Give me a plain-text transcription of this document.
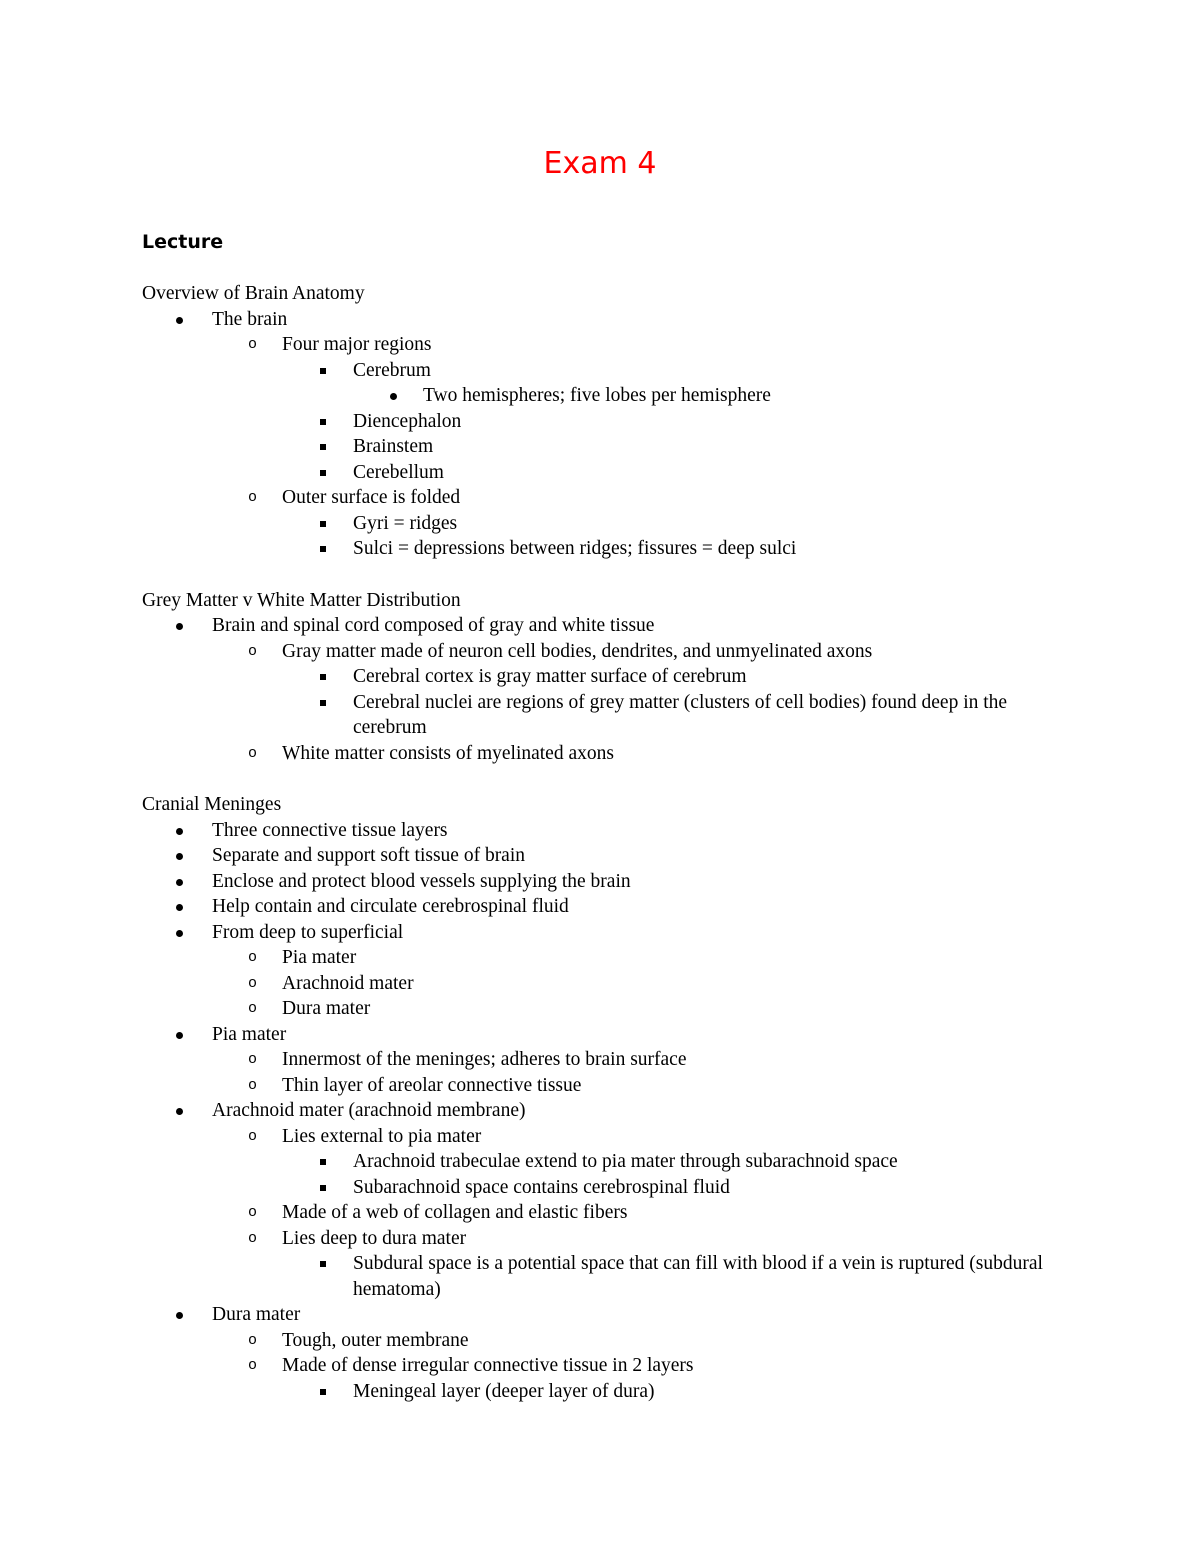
Exam 4
Lecture
Overview of Brain Anatomy
The brain
Four major regions
Cerebrum
Two hemispheres; five lobes per hemisphere
Diencephalon
Brainstem
Cerebellum
Outer surface is folded
Gyri = ridges
Sulci = depressions between ridges; fissures = deep sulci
Grey Matter v White Matter Distribution
Brain and spinal cord composed of gray and white tissue
Gray matter made of neuron cell bodies, dendrites, and unmyelinated axons
Cerebral cortex is gray matter surface of cerebrum
Cerebral nuclei are regions of grey matter (clusters of cell bodies) found deep in the cerebrum
White matter consists of myelinated axons
Cranial Meninges
Three connective tissue layers
Separate and support soft tissue of brain
Enclose and protect blood vessels supplying the brain
Help contain and circulate cerebrospinal fluid
From deep to superficial
Pia mater
Arachnoid mater
Dura mater
Pia mater
Innermost of the meninges; adheres to brain surface
Thin layer of areolar connective tissue
Arachnoid mater (arachnoid membrane)
Lies external to pia mater
Arachnoid trabeculae extend to pia mater through subarachnoid space
Subarachnoid space contains cerebrospinal fluid
Made of a web of collagen and elastic fibers
Lies deep to dura mater
Subdural space is a potential space that can fill with blood if a vein is ruptured (subdural hematoma)
Dura mater
Tough, outer membrane
Made of dense irregular connective tissue in 2 layers
Meningeal layer (deeper layer of dura)
